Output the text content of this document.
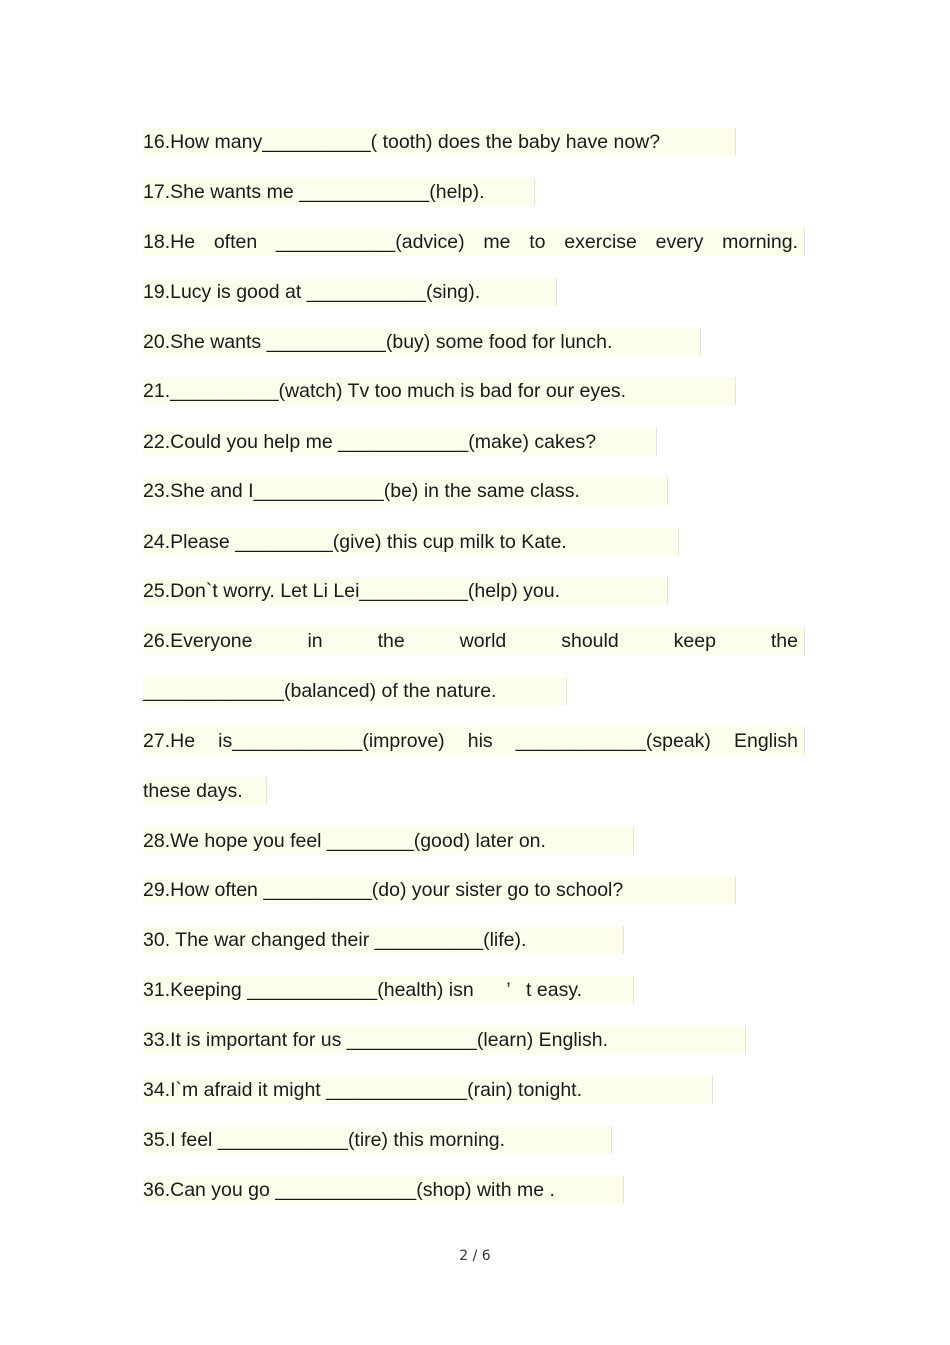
16.How many__________( tooth) does the baby have now?
17.She wants me ____________(help).
18.He often ___________(advice) me to exercise every morning.
19.Lucy is good at ___________(sing).
20.She wants ___________(buy) some food for lunch.
21.__________(watch) Tv too much is bad for our eyes.
22.Could you help me ____________(make) cakes?
23.She and I____________(be) in the same class.
24.Please _________(give) this cup milk to Kate.
25.Don`t worry. Let Li Lei__________(help) you.
26.Everyone	in	the	world	should	keep	the
_____________(balanced) of the nature.
27.He is____________(improve) his ____________(speak) English
these days.
28.We hope you feel ________(good) later on.
29.How often __________(do) your sister go to school?
30. The war changed their __________(life).
31.Keeping ____________(health) isn      ’   t easy.
33.It is important for us ____________(learn) English.
34.I`m afraid it might _____________(rain) tonight.
35.I feel ____________(tire) this morning.
36.Can you go _____________(shop) with me .
2 / 6
